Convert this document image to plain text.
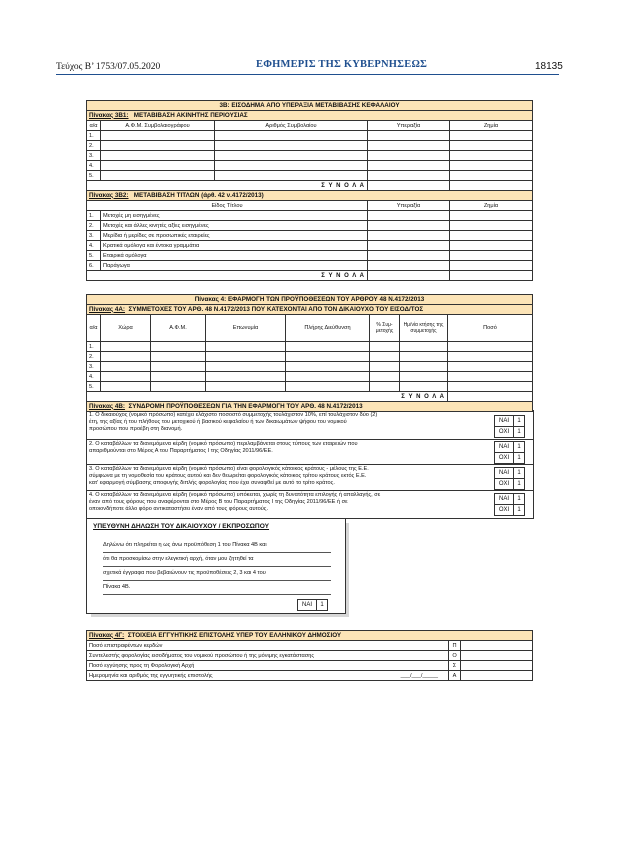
Τεύχος Β’ 1753/07.05.2020	ΕΦΗΜΕΡΙΣ ΤΗΣ ΚΥΒΕΡΝΗΣΕΩΣ	18135
3Β: ΕΙΣΟΔΗΜΑ ΑΠΟ ΥΠΕΡΑΞΙΑ ΜΕΤΑΒΙΒΑΣΗΣ ΚΕΦΑΛΑΙΟΥ				
Πίνακας 3Β1: ΜΕΤΑΒΙΒΑΣΗ ΑΚΙΝΗΤΗΣ ΠΕΡΙΟΥΣΙΑΣ				
α/α	Α.Φ.Μ. Συμβολαιογράφου	Αριθμός Συμβολαίου	Υπεραξία	Ζημία
1.				
2.				
3.				
4.				
5.				
Σ Υ Ν Ο Λ Α				
Πίνακας 3Β2: ΜΕΤΑΒΙΒΑΣΗ ΤΙΤΛΩΝ (άρθ. 42 ν.4172/2013)				
Είδος Τίτλου			Υπεραξία	Ζημία
1.	Μετοχές μη εισηγμένες			
2.	Μετοχές και άλλες κινητές αξίες εισηγμένες			
3.	Μερίδια ή μερίδες σε προσωπικές εταιρείες			
4.	Κρατικά ομόλογα και έντοκα γραμμάτια			
5.	Εταιρικά ομόλογα			
6.	Παράγωγα			
Σ Υ Ν Ο Λ Α				
Πίνακας 4: ΕΦΑΡΜΟΓΗ ΤΩΝ ΠΡΟΫΠΟΘΕΣΕΩΝ ΤΟΥ ΑΡΘΡΟΥ 48 Ν.4172/2013							
Πίνακας 4Α: ΣΥΜΜΕΤΟΧΕΣ ΤΟΥ ΑΡΘ. 48 Ν.4172/2013 ΠΟΥ ΚΑΤΕΧΟΝΤΑΙ ΑΠΟ ΤΟΝ ΔΙΚΑΙΟΥΧΟ ΤΟΥ ΕΙΣΟΔ/ΤΟΣ							
α/α	Χώρα	Α.Φ.Μ.	Επωνυμία	Πλήρης Διεύθυνση	% Συμ-μετοχής	Ημ/νία κτήσης της συμμετοχής	Ποσό
1.							
2.							
3.							
4.							
5.							
Σ Υ Ν Ο Λ Α							
Πίνακας 4Β: ΣΥΝΔΡΟΜΗ ΠΡΟΫΠΟΘΕΣΕΩΝ ΓΙΑ ΤΗΝ ΕΦΑΡΜΟΓΗ ΤΟΥ ΑΡΘ. 48 Ν.4172/2013							
1. Ο δικαιούχος (νομικό πρόσωπο) κατέχει ελάχιστο ποσοστό συμμετοχής τουλάχιστον 10%, επί τουλάχιστον δύο (2)
έτη, της αξίας ή του πλήθους του μετοχικού ή βασικού κεφαλαίου ή των δικαιωμάτων ψήφου του νομικού
προσώπου που προέβη στη διανομή.
ΝΑΙ	1
ΟΧΙ	1
2. Ο καταβάλλων τα διανεμόμενα κέρδη (νομικό πρόσωπο) περιλαμβάνεται στους τύπους των εταιρειών που
απαριθμούνται στο Μέρος Α του Παραρτήματος Ι της Οδηγίας 2011/96/ΕΕ.
ΝΑΙ	1
ΟΧΙ	1
3. Ο καταβάλλων τα διανεμόμενα κέρδη (νομικό πρόσωπο) είναι φορολογικός κάτοικος κράτους - μέλους της Ε.Ε.
σύμφωνα με τη νομοθεσία του κράτους αυτού και δεν θεωρείται φορολογικός κάτοικος τρίτου κράτους εκτός Ε.Ε.
κατ' εφαρμογή σύμβασης αποφυγής διπλής φορολογίας που έχει συναφθεί με αυτό το τρίτο κράτος.
ΝΑΙ	1
ΟΧΙ	1
4. Ο καταβάλλων τα διανεμόμενα κέρδη (νομικό πρόσωπο) υπόκειται, χωρίς τη δυνατότητα επιλογής ή απαλλαγής, σε
έναν από τους φόρους που αναφέρονται στο Μέρος Β του Παραρτήματος Ι της Οδηγίας 2011/96/ΕΕ ή σε
οποιονδήποτε άλλο φόρο αντικαταστήσει έναν από τους φόρους αυτούς.
ΝΑΙ	1
ΟΧΙ	1
ΥΠΕΥΘΥΝΗ ΔΗΛΩΣΗ ΤΟΥ ΔΙΚΑΙΟΥΧΟΥ / ΕΚΠΡΟΣΩΠΟΥ
Δηλώνω ότι πληρείται η ως άνω προϋπόθεση 1 του Πίνακα 4Β και
ότι θα προσκομίσω στην ελεγκτική αρχή, όταν μου ζητηθεί τα
σχετικά έγγραφα που βεβαιώνουν τις προϋποθέσεις 2, 3 και 4 του
Πίνακα 4Β.
ΝΑΙ	1
Πίνακας 4Γ: ΣΤΟΙΧΕΙΑ ΕΓΓΥΗΤΙΚΗΣ ΕΠΙΣΤΟΛΗΣ ΥΠΕΡ ΤΟΥ ΕΛΛΗΝΙΚΟΥ ΔΗΜΟΣΙΟΥ		
Ποσό επιστραφέντων κερδών	Π	
Συντελεστής φορολογίας εισοδήματος του νομικού προσώπου ή της μόνιμης εγκατάστασης	Ο	
Ποσό εγγύησης προς τη Φορολογική Αρχή	Σ	
Ημερομηνία και αριθμός της εγγυητικής επιστολής ___/___/_____	Α	
